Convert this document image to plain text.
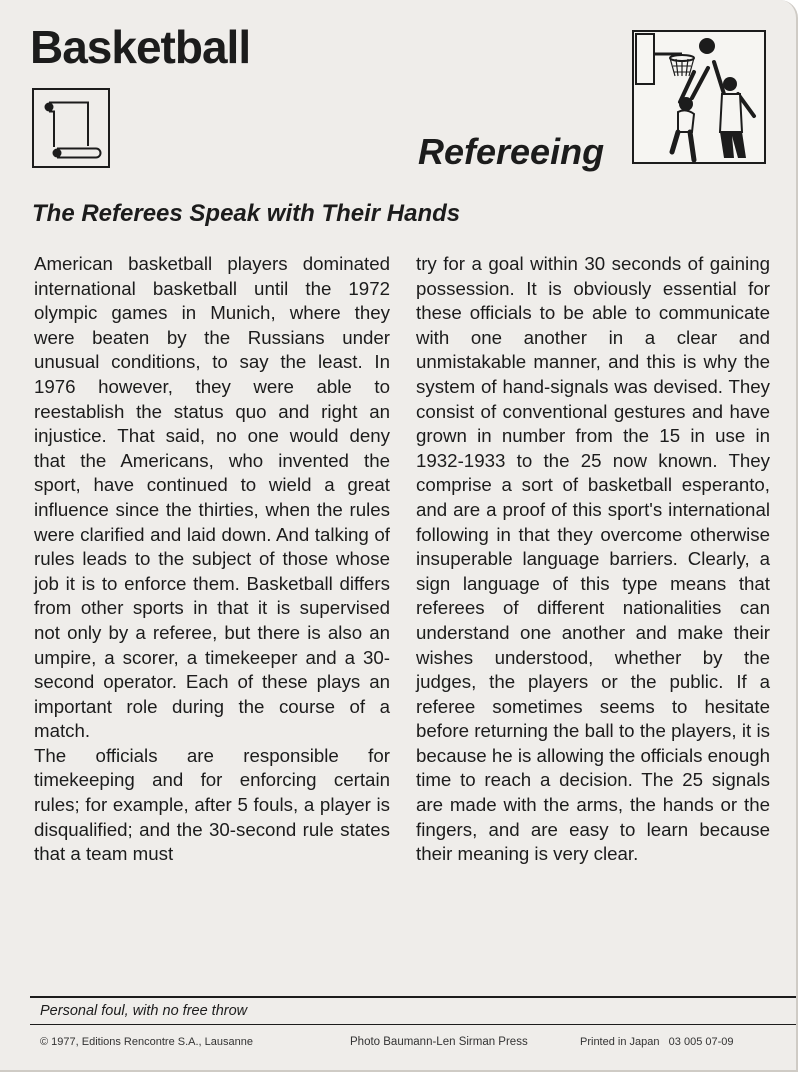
Basketball
Refereeing
The Referees Speak with Their Hands

American basketball players dominated international basketball until the 1972 olympic games in Munich, where they were beaten by the Russians under unusual conditions, to say the least. In 1976 however, they were able to reestablish the status quo and right an injustice. That said, no one would deny that the Americans, who invented the sport, have continued to wield a great influence since the thirties, when the rules were clarified and laid down. And talking of rules leads to the subject of those whose job it is to enforce them. Basketball differs from other sports in that it is supervised not only by a referee, but there is also an umpire, a scorer, a timekeeper and a 30-second operator. Each of these plays an important role during the course of a match.

The officials are responsible for timekeeping and for enforcing certain rules; for example, after 5 fouls, a player is disqualified; and the 30-second rule states that a team must

try for a goal within 30 seconds of gaining possession. It is obviously essential for these officials to be able to communicate with one another in a clear and unmistakable manner, and this is why the system of hand-signals was devised. They consist of conventional gestures and have grown in number from the 15 in use in 1932-1933 to the 25 now known. They comprise a sort of basketball esperanto, and are a proof of this sport's international following in that they overcome otherwise insuperable language barriers. Clearly, a sign language of this type means that referees of different nationalities can understand one another and make their wishes understood, whether by the judges, the players or the public. If a referee sometimes seems to hesitate before returning the ball to the players, it is because he is allowing the officials enough time to reach a decision. The 25 signals are made with the arms, the hands or the fingers, and are easy to learn because their meaning is very clear.

Personal foul, with no free throw

© 1977, Editions Rencontre S.A., Lausanne	Photo Baumann-Len Sirman Press	Printed in Japan   03 005 07-09
